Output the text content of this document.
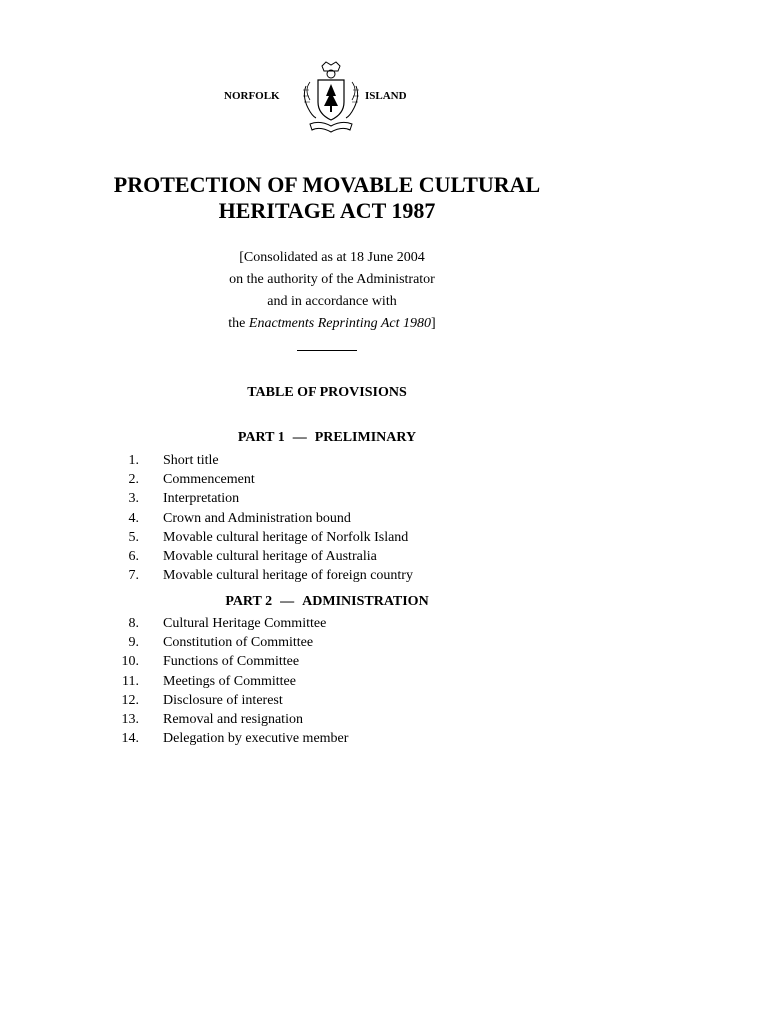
NORFOLK	ISLAND
PROTECTION OF MOVABLE CULTURAL
HERITAGE ACT 1987
[Consolidated as at 18 June 2004
on the authority of the Administrator
and in accordance with
the Enactments Reprinting Act 1980]
TABLE OF PROVISIONS
PART 1 — PRELIMINARY
1. Short title
2. Commencement
3. Interpretation
4. Crown and Administration bound
5. Movable cultural heritage of Norfolk Island
6. Movable cultural heritage of Australia
7. Movable cultural heritage of foreign country
PART 2 — ADMINISTRATION
8. Cultural Heritage Committee
9. Constitution of Committee
10. Functions of Committee
11. Meetings of Committee
12. Disclosure of interest
13. Removal and resignation
14. Delegation by executive member
